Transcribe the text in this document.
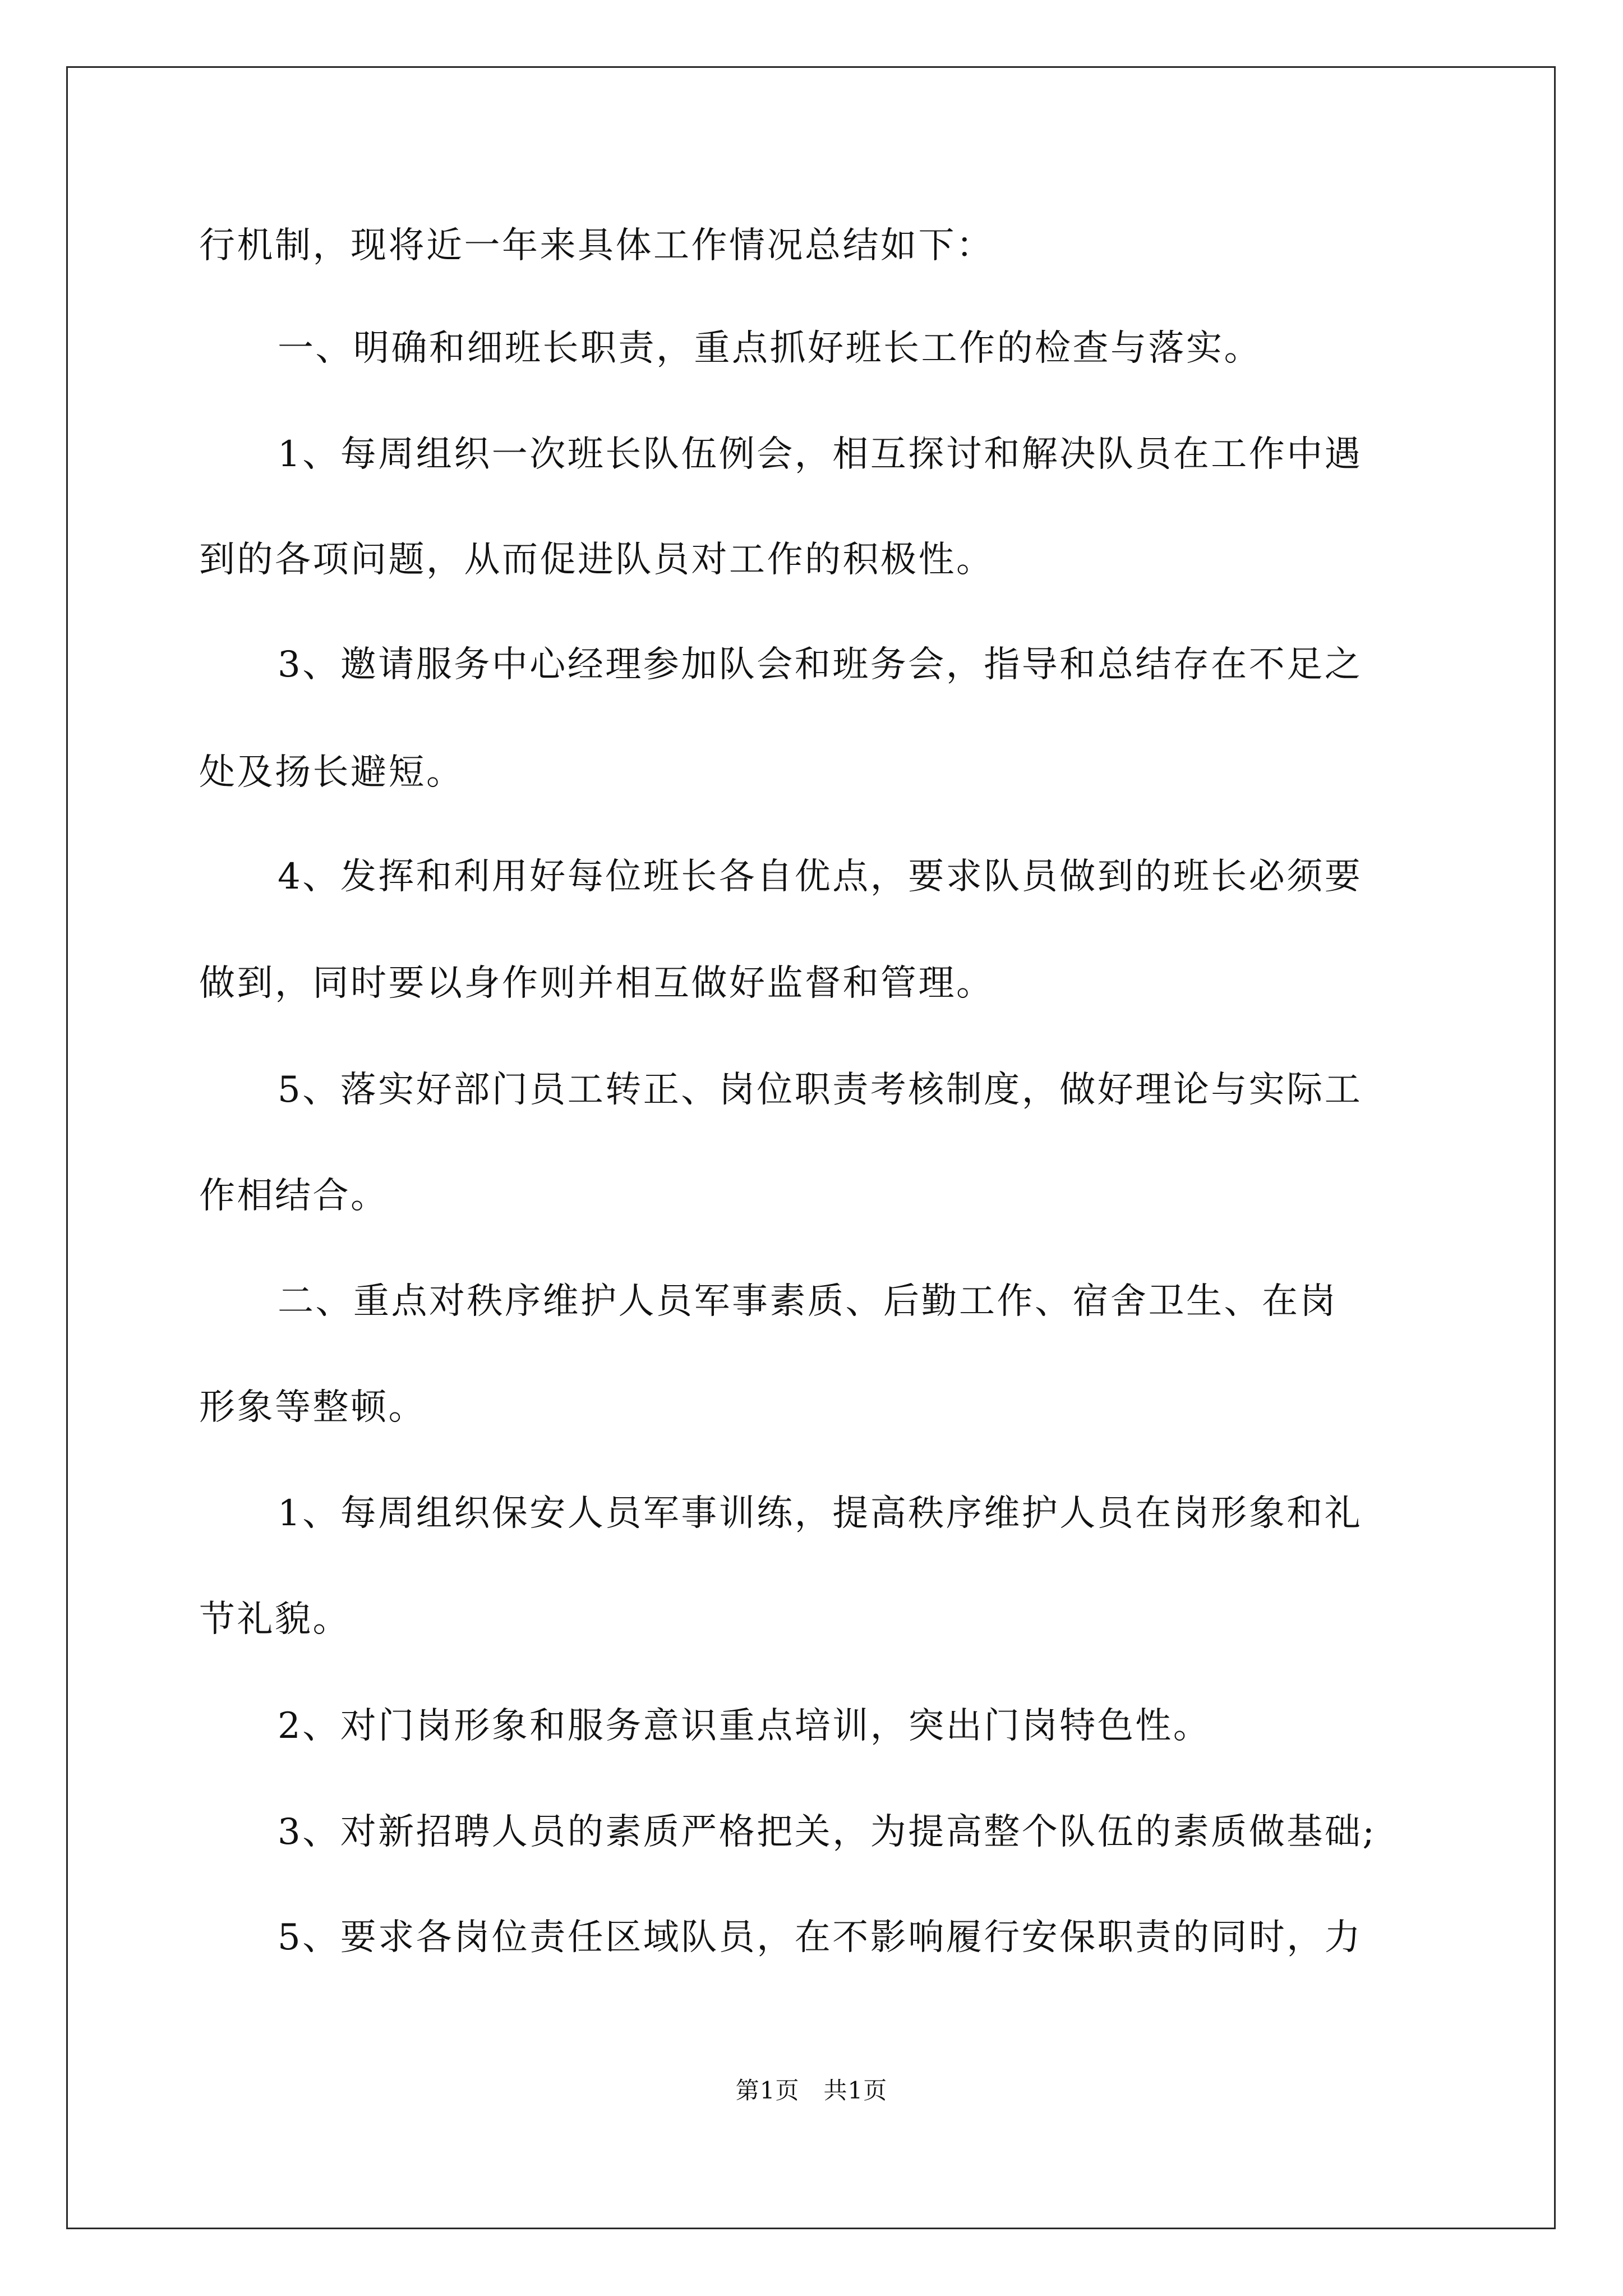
行机制，现将近一年来具体工作情况总结如下：
一、明确和细班长职责，重点抓好班长工作的检查与落实。
1、每周组织一次班长队伍例会，相互探讨和解决队员在工作中遇
到的各项问题，从而促进队员对工作的积极性。
3、邀请服务中心经理参加队会和班务会，指导和总结存在不足之
处及扬长避短。
4、发挥和利用好每位班长各自优点，要求队员做到的班长必须要
做到，同时要以身作则并相互做好监督和管理。
5、落实好部门员工转正、岗位职责考核制度，做好理论与实际工
作相结合。
二、重点对秩序维护人员军事素质、后勤工作、宿舍卫生、在岗
形象等整顿。
1、每周组织保安人员军事训练，提高秩序维护人员在岗形象和礼
节礼貌。
2、对门岗形象和服务意识重点培训，突出门岗特色性。
3、对新招聘人员的素质严格把关，为提高整个队伍的素质做基础;
5、要求各岗位责任区域队员，在不影响履行安保职责的同时，力
第1页　共1页
